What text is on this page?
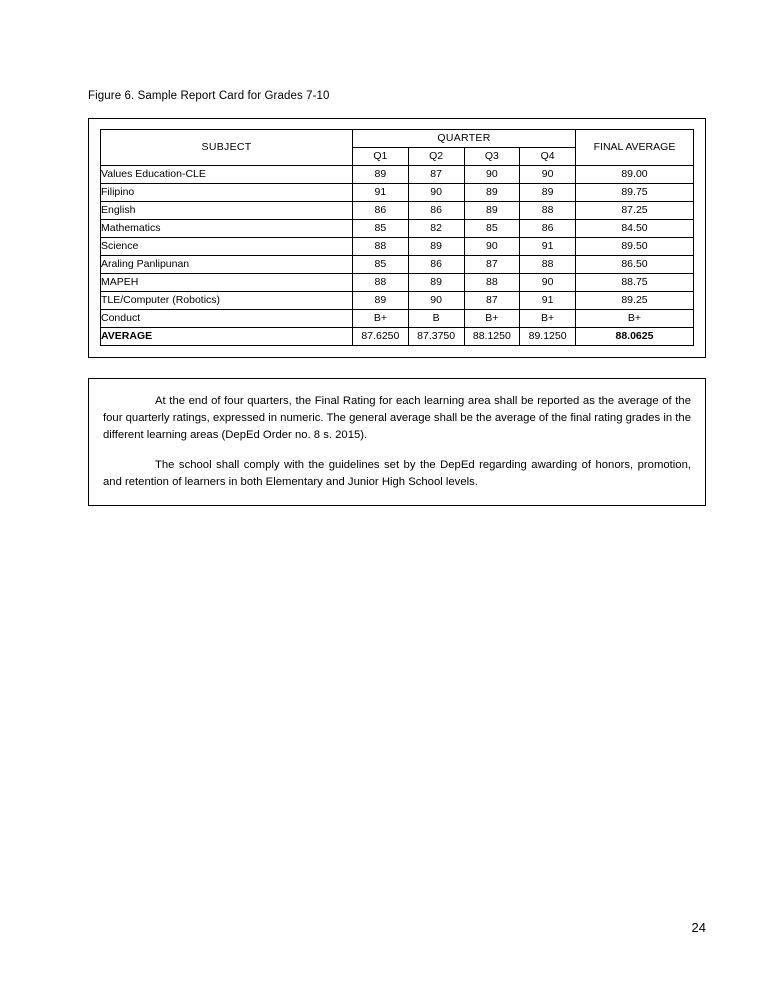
Figure 6. Sample Report Card for Grades 7-10
SUBJECT	QUARTER				FINAL AVERAGE
	Q1	Q2	Q3	Q4	
Values Education-CLE	89	87	90	90	89.00
Filipino	91	90	89	89	89.75
English	86	86	89	88	87.25
Mathematics	85	82	85	86	84.50
Science	88	89	90	91	89.50
Araling Panlipunan	85	86	87	88	86.50
MAPEH	88	89	88	90	88.75
TLE/Computer (Robotics)	89	90	87	91	89.25
Conduct	B+	B	B+	B+	B+
AVERAGE	87.6250	87.3750	88.1250	89.1250	88.0625

At the end of four quarters, the Final Rating for each learning area shall be reported as the average of the four quarterly ratings, expressed in numeric. The general average shall be the average of the final rating grades in the different learning areas (DepEd Order no. 8 s. 2015).

The school shall comply with the guidelines set by the DepEd regarding awarding of honors, promotion, and retention of learners in both Elementary and Junior High School levels.

24
